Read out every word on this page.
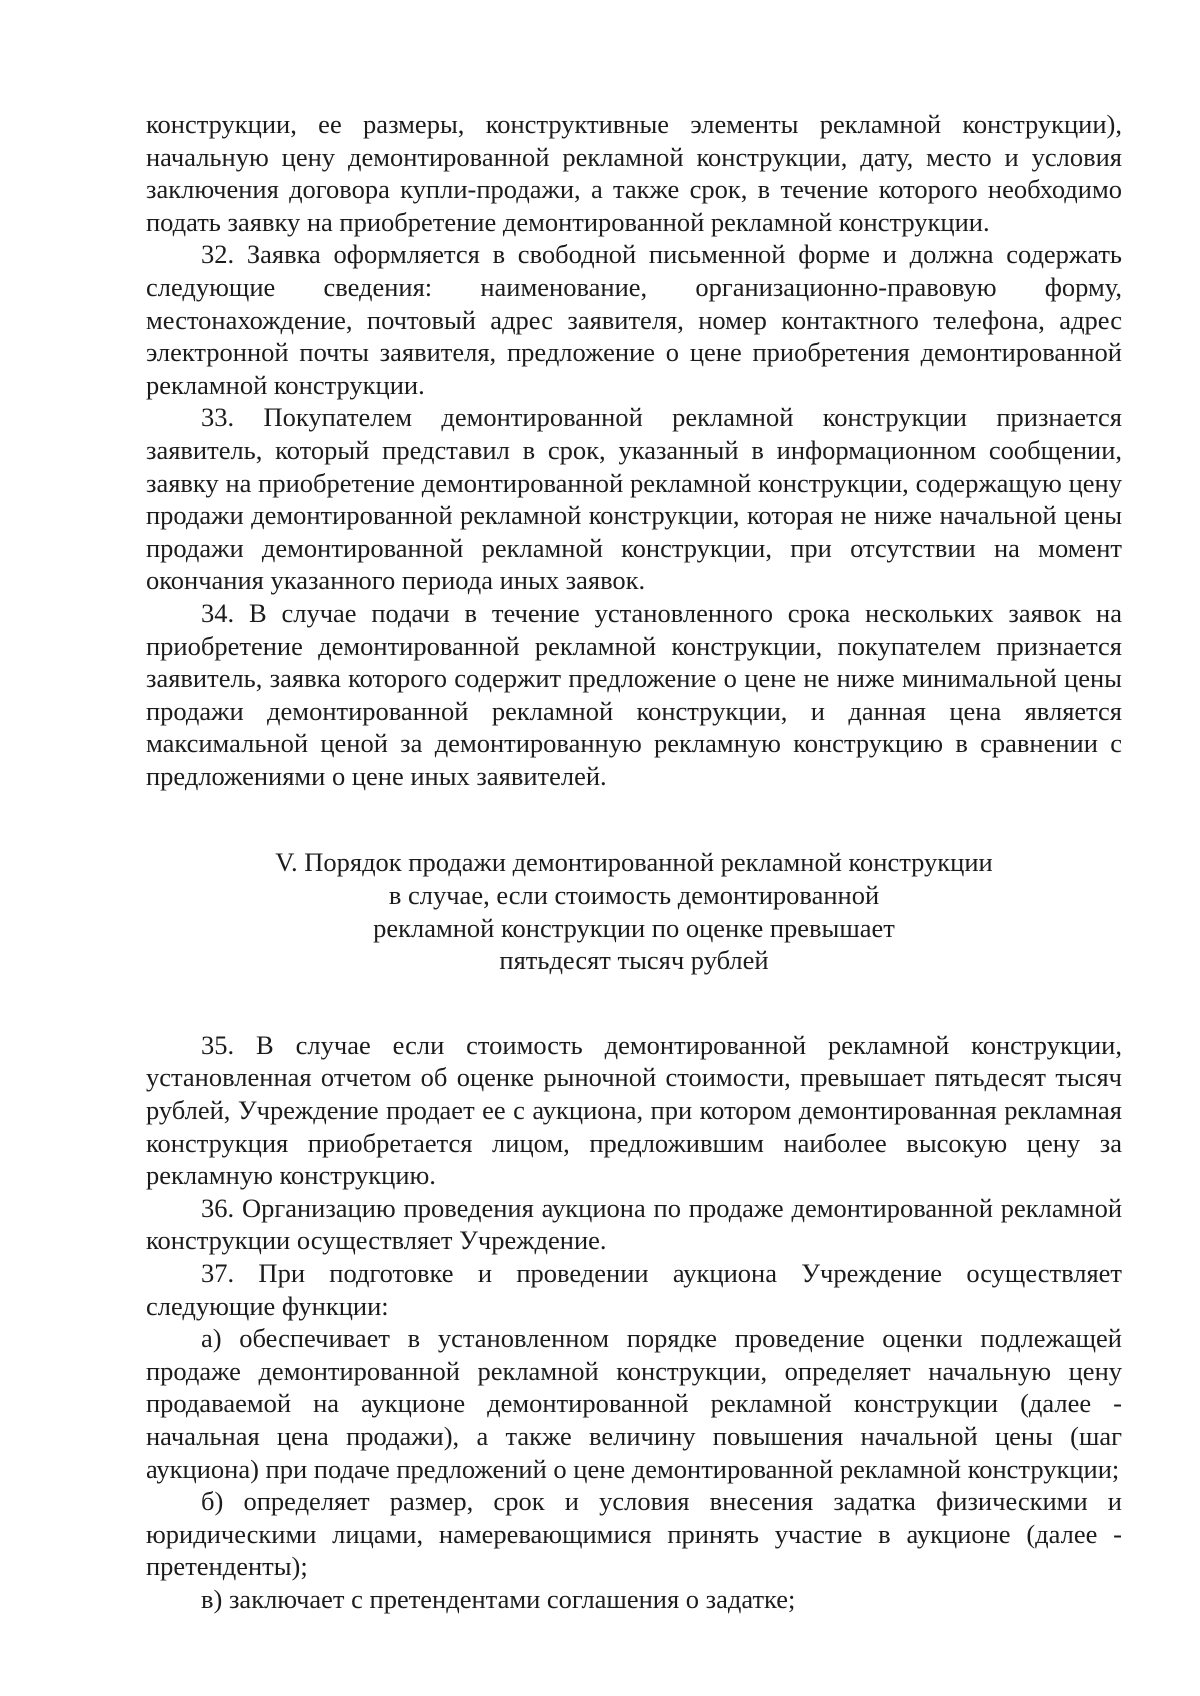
конструкции, ее размеры, конструктивные элементы рекламной конструкции), начальную цену демонтированной рекламной конструкции, дату, место и условия заключения договора купли-продажи, а также срок, в течение которого необходимо подать заявку на приобретение демонтированной рекламной конструкции.

32. Заявка оформляется в свободной письменной форме и должна содержать следующие сведения: наименование, организационно-правовую форму, местонахождение, почтовый адрес заявителя, номер контактного телефона, адрес электронной почты заявителя, предложение о цене приобретения демонтированной рекламной конструкции.

33. Покупателем демонтированной рекламной конструкции признается заявитель, который представил в срок, указанный в информационном сообщении, заявку на приобретение демонтированной рекламной конструкции, содержащую цену продажи демонтированной рекламной конструкции, которая не ниже начальной цены продажи демонтированной рекламной конструкции, при отсутствии на момент окончания указанного периода иных заявок.

34. В случае подачи в течение установленного срока нескольких заявок на приобретение демонтированной рекламной конструкции, покупателем признается заявитель, заявка которого содержит предложение о цене не ниже минимальной цены продажи демонтированной рекламной конструкции, и данная цена является максимальной ценой за демонтированную рекламную конструкцию в сравнении с предложениями о цене иных заявителей.

V. Порядок продажи демонтированной рекламной конструкции
в случае, если стоимость демонтированной
рекламной конструкции по оценке превышает
пятьдесят тысяч рублей

35. В случае если стоимость демонтированной рекламной конструкции, установленная отчетом об оценке рыночной стоимости, превышает пятьдесят тысяч рублей, Учреждение продает ее с аукциона, при котором демонтированная рекламная конструкция приобретается лицом, предложившим наиболее высокую цену за рекламную конструкцию.

36. Организацию проведения аукциона по продаже демонтированной рекламной конструкции осуществляет Учреждение.

37. При подготовке и проведении аукциона Учреждение осуществляет следующие функции:

а) обеспечивает в установленном порядке проведение оценки подлежащей продаже демонтированной рекламной конструкции, определяет начальную цену продаваемой на аукционе демонтированной рекламной конструкции (далее - начальная цена продажи), а также величину повышения начальной цены (шаг аукциона) при подаче предложений о цене демонтированной рекламной конструкции;

б) определяет размер, срок и условия внесения задатка физическими и юридическими лицами, намеревающимися принять участие в аукционе (далее - претенденты);

в) заключает с претендентами соглашения о задатке;
